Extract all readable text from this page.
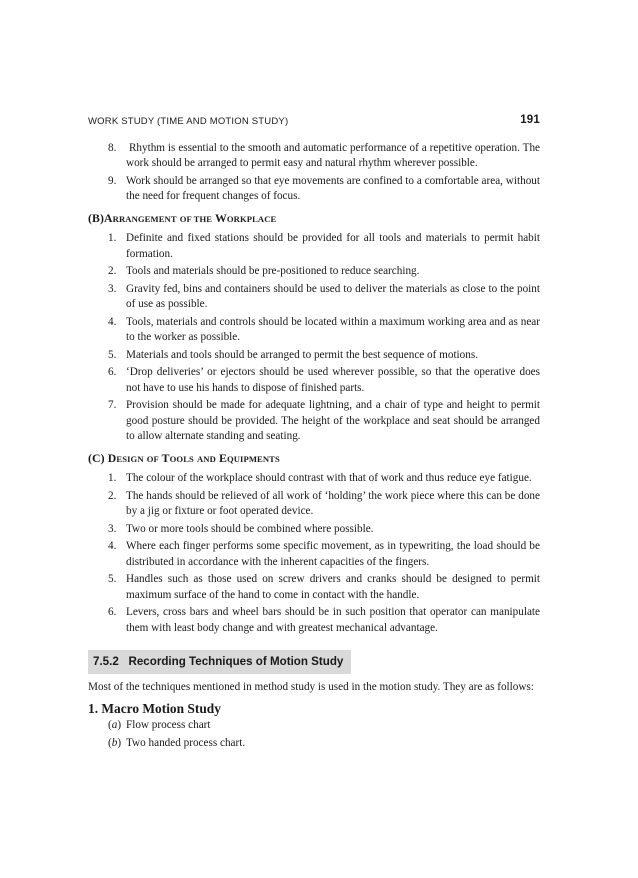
WORK STUDY (TIME AND MOTION STUDY)	191
8. Rhythm is essential to the smooth and automatic performance of a repetitive operation. The work should be arranged to permit easy and natural rhythm wherever possible.
9. Work should be arranged so that eye movements are confined to a comfortable area, without the need for frequent changes of focus.
(B)ARRANGEMENT OF THE WORKPLACE
1. Definite and fixed stations should be provided for all tools and materials to permit habit formation.
2. Tools and materials should be pre-positioned to reduce searching.
3. Gravity fed, bins and containers should be used to deliver the materials as close to the point of use as possible.
4. Tools, materials and controls should be located within a maximum working area and as near to the worker as possible.
5. Materials and tools should be arranged to permit the best sequence of motions.
6. ‘Drop deliveries’ or ejectors should be used wherever possible, so that the operative does not have to use his hands to dispose of finished parts.
7. Provision should be made for adequate lightning, and a chair of type and height to permit good posture should be provided. The height of the workplace and seat should be arranged to allow alternate standing and seating.
(C) DESIGN OF TOOLS AND EQUIPMENTS
1. The colour of the workplace should contrast with that of work and thus reduce eye fatigue.
2. The hands should be relieved of all work of ‘holding’ the work piece where this can be done by a jig or fixture or foot operated device.
3. Two or more tools should be combined where possible.
4. Where each finger performs some specific movement, as in typewriting, the load should be distributed in accordance with the inherent capacities of the fingers.
5. Handles such as those used on screw drivers and cranks should be designed to permit maximum surface of the hand to come in contact with the handle.
6. Levers, cross bars and wheel bars should be in such position that operator can manipulate them with least body change and with greatest mechanical advantage.
7.5.2 Recording Techniques of Motion Study

Most of the techniques mentioned in method study is used in the motion study. They are as follows:

1. Macro Motion Study
(a) Flow process chart
(b) Two handed process chart.
